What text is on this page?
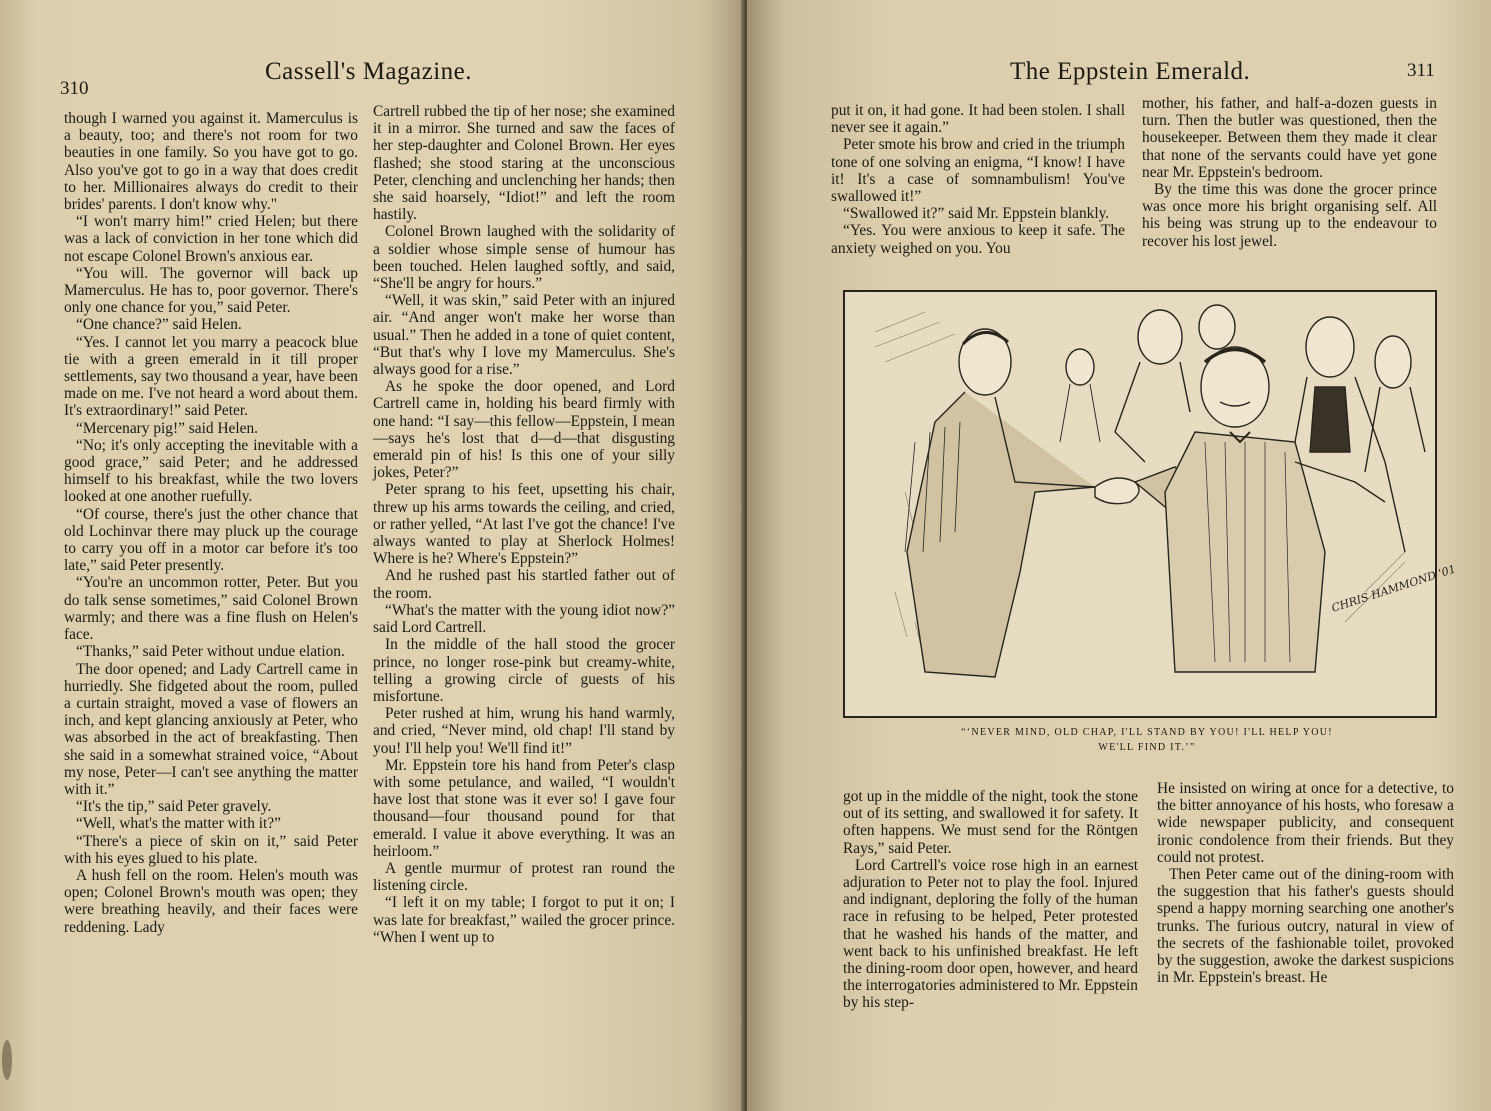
310
Cassell's Magazine.

though I warned you against it. Mamerculus is a beauty, too; and there's not room for two beauties in one family. So you have got to go. Also you've got to go in a way that does credit to her. Millionaires always do credit to their brides' parents. I don't know why."

“I won't marry him!” cried Helen; but there was a lack of conviction in her tone which did not escape Colonel Brown's anxious ear.

“You will. The governor will back up Mamerculus. He has to, poor governor. There's only one chance for you,” said Peter.

“One chance?” said Helen.

“Yes. I cannot let you marry a peacock blue tie with a green emerald in it till proper settlements, say two thousand a year, have been made on me. I've not heard a word about them. It's extraordinary!” said Peter.

“Mercenary pig!” said Helen.

“No; it's only accepting the inevitable with a good grace,” said Peter; and he addressed himself to his breakfast, while the two lovers looked at one another ruefully.

“Of course, there's just the other chance that old Lochinvar there may pluck up the courage to carry you off in a motor car before it's too late,” said Peter presently.

“You're an uncommon rotter, Peter. But you do talk sense sometimes,” said Colonel Brown warmly; and there was a fine flush on Helen's face.

“Thanks,” said Peter without undue elation.

The door opened; and Lady Cartrell came in hurriedly. She fidgeted about the room, pulled a curtain straight, moved a vase of flowers an inch, and kept glancing anxiously at Peter, who was absorbed in the act of breakfasting. Then she said in a somewhat strained voice, “About my nose, Peter—I can't see anything the matter with it.”

“It's the tip,” said Peter gravely.

“Well, what's the matter with it?”

“There's a piece of skin on it,” said Peter with his eyes glued to his plate.

A hush fell on the room. Helen's mouth was open; Colonel Brown's mouth was open; they were breathing heavily, and their faces were reddening. Lady

Cartrell rubbed the tip of her nose; she examined it in a mirror. She turned and saw the faces of her step-daughter and Colonel Brown. Her eyes flashed; she stood staring at the unconscious Peter, clenching and unclenching her hands; then she said hoarsely, “Idiot!” and left the room hastily.

Colonel Brown laughed with the solidarity of a soldier whose simple sense of humour has been touched. Helen laughed softly, and said, “She'll be angry for hours.”

“Well, it was skin,” said Peter with an injured air. “And anger won't make her worse than usual.” Then he added in a tone of quiet content, “But that's why I love my Mamerculus. She's always good for a rise.”

As he spoke the door opened, and Lord Cartrell came in, holding his beard firmly with one hand: “I say—this fellow—Eppstein, I mean—says he's lost that d—d—that disgusting emerald pin of his! Is this one of your silly jokes, Peter?”

Peter sprang to his feet, upsetting his chair, threw up his arms towards the ceiling, and cried, or rather yelled, “At last I've got the chance! I've always wanted to play at Sherlock Holmes! Where is he? Where's Eppstein?”

And he rushed past his startled father out of the room.

“What's the matter with the young idiot now?” said Lord Cartrell.

In the middle of the hall stood the grocer prince, no longer rose-pink but creamy-white, telling a growing circle of guests of his misfortune.

Peter rushed at him, wrung his hand warmly, and cried, “Never mind, old chap! I'll stand by you! I'll help you! We'll find it!”

Mr. Eppstein tore his hand from Peter's clasp with some petulance, and wailed, “I wouldn't have lost that stone was it ever so! I gave four thousand—four thousand pound for that emerald. I value it above everything. It was an heirloom.”

A gentle murmur of protest ran round the listening circle.

“I left it on my table; I forgot to put it on; I was late for breakfast,” wailed the grocer prince. “When I went up to

The Eppstein Emerald.	311

put it on, it had gone. It had been stolen. I shall never see it again.”

Peter smote his brow and cried in the triumph tone of one solving an enigma, “I know! I have it! It's a case of somnambulism! You've swallowed it!”

“Swallowed it?” said Mr. Eppstein blankly.

“Yes. You were anxious to keep it safe. The anxiety weighed on you. You

mother, his father, and half-a-dozen guests in turn. Then the butler was questioned, then the housekeeper. Between them they made it clear that none of the servants could have yet gone near Mr. Eppstein's bedroom.

By the time this was done the grocer prince was once more his bright organising self. All his being was strung up to the endeavour to recover his lost jewel.

CHRIS HAMMOND '01
“‘NEVER MIND, OLD CHAP, I'LL STAND BY YOU! I'LL HELP YOU!
WE'LL FIND IT.’”

got up in the middle of the night, took the stone out of its setting, and swallowed it for safety. It often happens. We must send for the Röntgen Rays,” said Peter.

Lord Cartrell's voice rose high in an earnest adjuration to Peter not to play the fool. Injured and indignant, deploring the folly of the human race in refusing to be helped, Peter protested that he washed his hands of the matter, and went back to his unfinished breakfast. He left the dining-room door open, however, and heard the interrogatories administered to Mr. Eppstein by his step-

He insisted on wiring at once for a detective, to the bitter annoyance of his hosts, who foresaw a wide newspaper publicity, and consequent ironic condolence from their friends. But they could not protest.

Then Peter came out of the dining-room with the suggestion that his father's guests should spend a happy morning searching one another's trunks. The furious outcry, natural in view of the secrets of the fashionable toilet, provoked by the suggestion, awoke the darkest suspicions in Mr. Eppstein's breast. He
